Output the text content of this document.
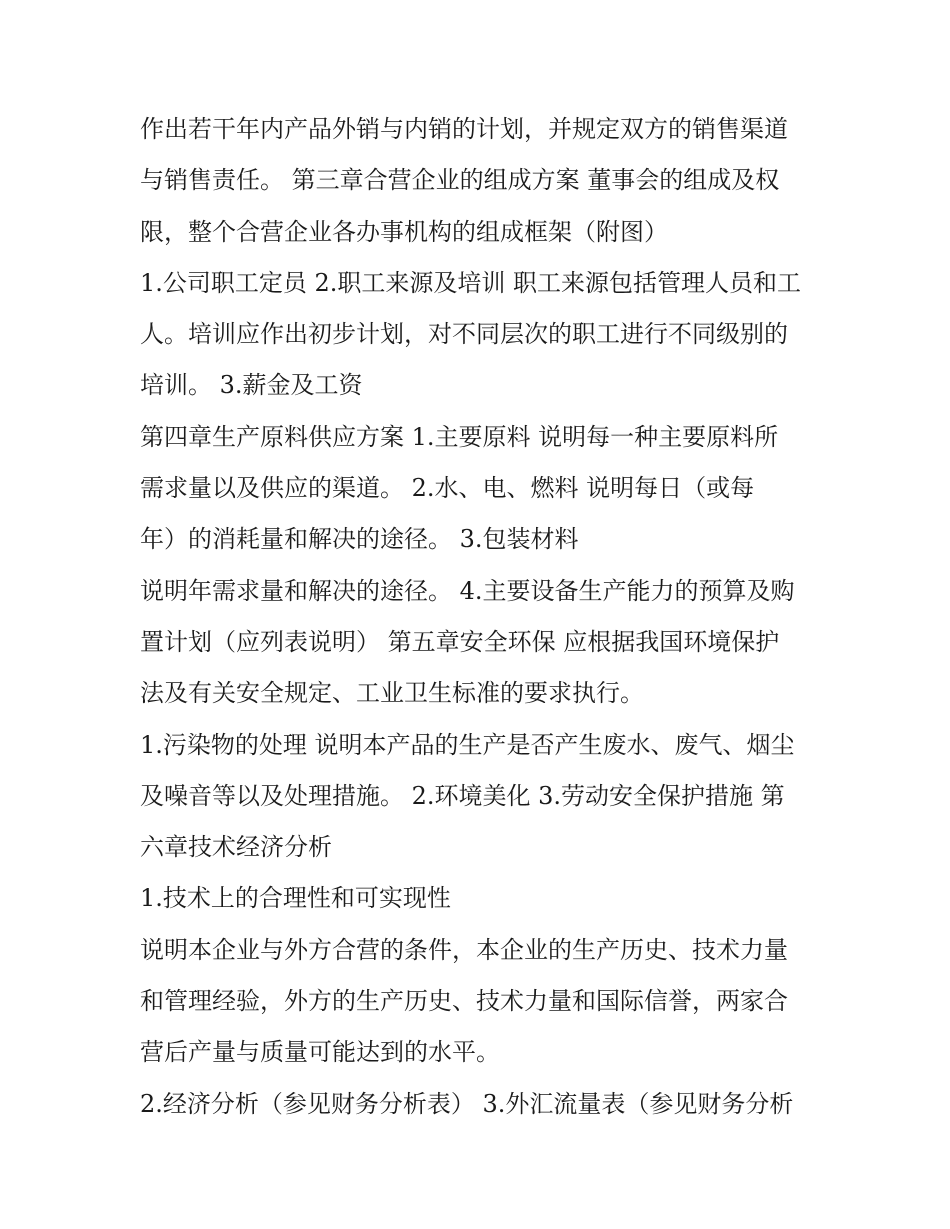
作出若干年内产品外销与内销的计划，并规定双方的销售渠道
与销售责任。 第三章合营企业的组成方案 董事会的组成及权
限，整个合营企业各办事机构的组成框架（附图）
1.公司职工定员 2.职工来源及培训 职工来源包括管理人员和工
人。培训应作出初步计划，对不同层次的职工进行不同级别的
培训。 3.薪金及工资
第四章生产原料供应方案 1.主要原料 说明每一种主要原料所
需求量以及供应的渠道。 2.水、电、燃料 说明每日（或每
年）的消耗量和解决的途径。 3.包装材料
说明年需求量和解决的途径。 4.主要设备生产能力的预算及购
置计划（应列表说明） 第五章安全环保 应根据我国环境保护
法及有关安全规定、工业卫生标准的要求执行。
1.污染物的处理 说明本产品的生产是否产生废水、废气、烟尘
及噪音等以及处理措施。 2.环境美化 3.劳动安全保护措施 第
六章技术经济分析
1.技术上的合理性和可实现性
说明本企业与外方合营的条件，本企业的生产历史、技术力量
和管理经验，外方的生产历史、技术力量和国际信誉，两家合
营后产量与质量可能达到的水平。
2.经济分析（参见财务分析表） 3.外汇流量表（参见财务分析
